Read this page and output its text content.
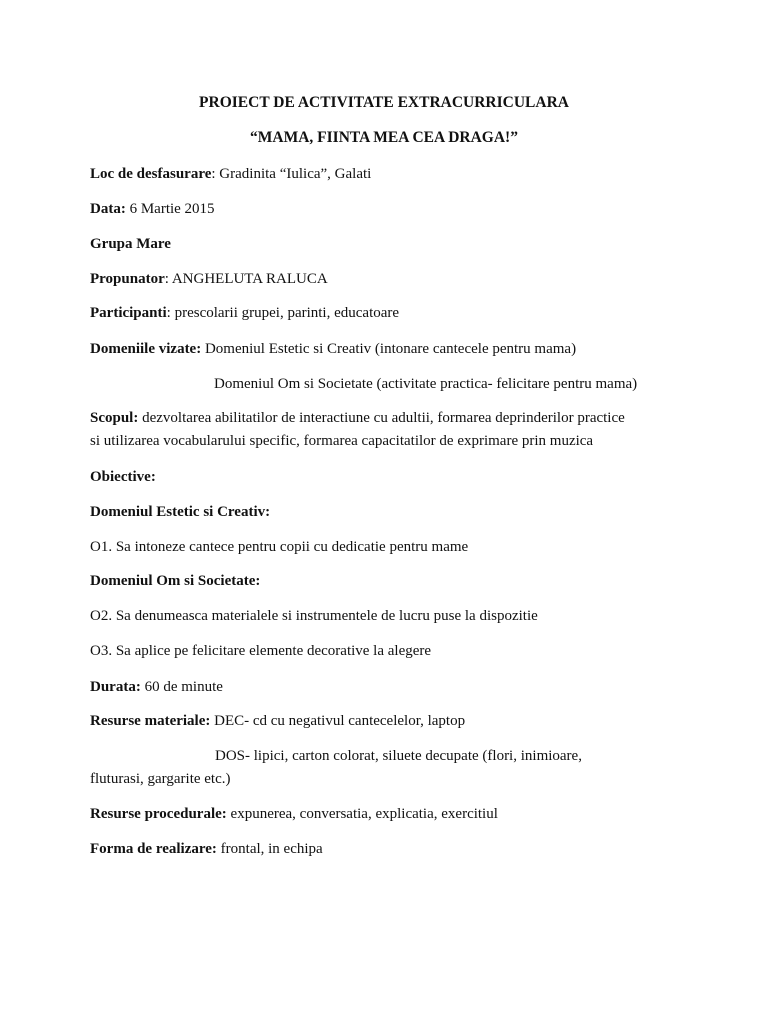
PROIECT DE ACTIVITATE EXTRACURRICULARA
“MAMA, FIINTA MEA CEA DRAGA!”
Loc de desfasurare: Gradinita “Iulica”, Galati
Data: 6 Martie 2015
Grupa Mare
Propunator: ANGHELUTA RALUCA
Participanti: prescolarii grupei, parinti, educatoare
Domeniile vizate: Domeniul Estetic si Creativ (intonare cantecele pentru mama)
Domeniul Om si Societate (activitate practica- felicitare pentru mama)
Scopul: dezvoltarea abilitatilor de interactiune cu adultii, formarea deprinderilor practice
si utilizarea vocabularului specific, formarea capacitatilor de exprimare prin muzica
Obiective:
Domeniul Estetic si Creativ:
O1. Sa intoneze cantece pentru copii cu dedicatie pentru mame
Domeniul Om si Societate:
O2. Sa denumeasca materialele si instrumentele de lucru puse la dispozitie
O3. Sa aplice pe felicitare elemente decorative la alegere
Durata: 60 de minute
Resurse materiale: DEC- cd cu negativul cantecelelor, laptop
DOS- lipici, carton colorat, siluete decupate (flori, inimioare,
fluturasi, gargarite etc.)
Resurse procedurale: expunerea, conversatia, explicatia, exercitiul
Forma de realizare: frontal, in echipa
